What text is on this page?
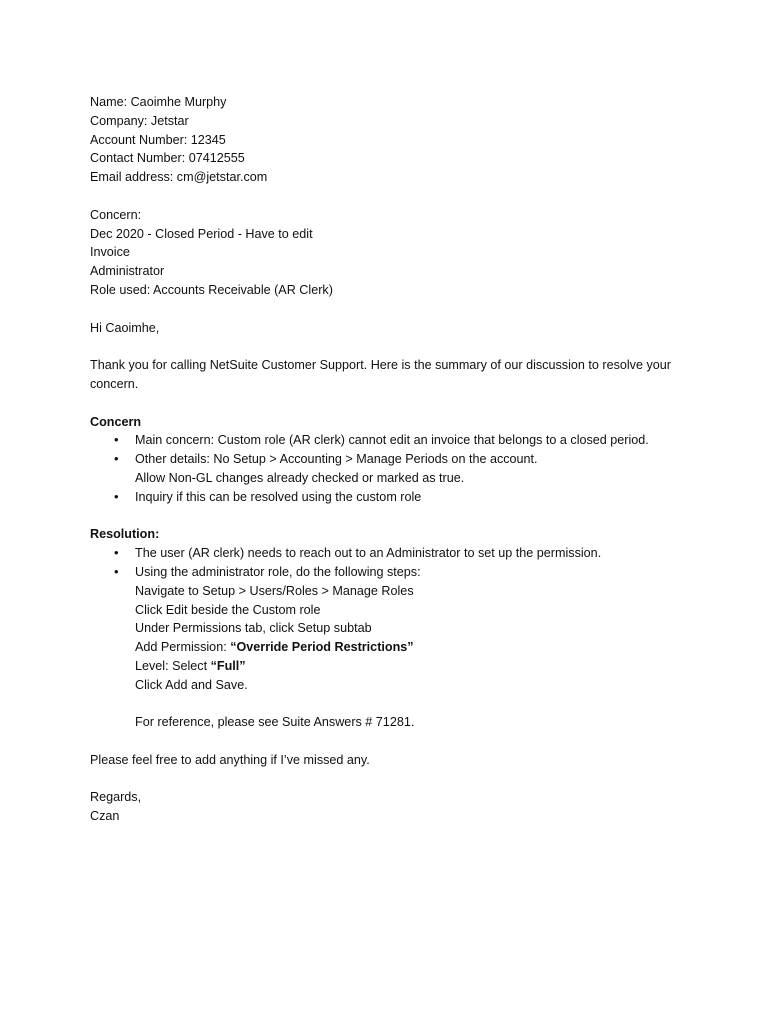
Name: Caoimhe Murphy
Company: Jetstar
Account Number: 12345
Contact Number: 07412555
Email address: cm@jetstar.com
Concern:
Dec 2020 - Closed Period - Have to edit
Invoice
Administrator
Role used: Accounts Receivable (AR Clerk)
Hi Caoimhe,
Thank you for calling NetSuite Customer Support. Here is the summary of our discussion to resolve your
concern.
Concern
• Main concern: Custom role (AR clerk) cannot edit an invoice that belongs to a closed period.
• Other details: No Setup > Accounting > Manage Periods on the account.
Allow Non-GL changes already checked or marked as true.
• Inquiry if this can be resolved using the custom role
Resolution:
• The user (AR clerk) needs to reach out to an Administrator to set up the permission.
• Using the administrator role, do the following steps:
Navigate to Setup > Users/Roles > Manage Roles
Click Edit beside the Custom role
Under Permissions tab, click Setup subtab
Add Permission: “Override Period Restrictions”
Level: Select “Full”
Click Add and Save.
For reference, please see Suite Answers # 71281.
Please feel free to add anything if I’ve missed any.
Regards,
Czan
